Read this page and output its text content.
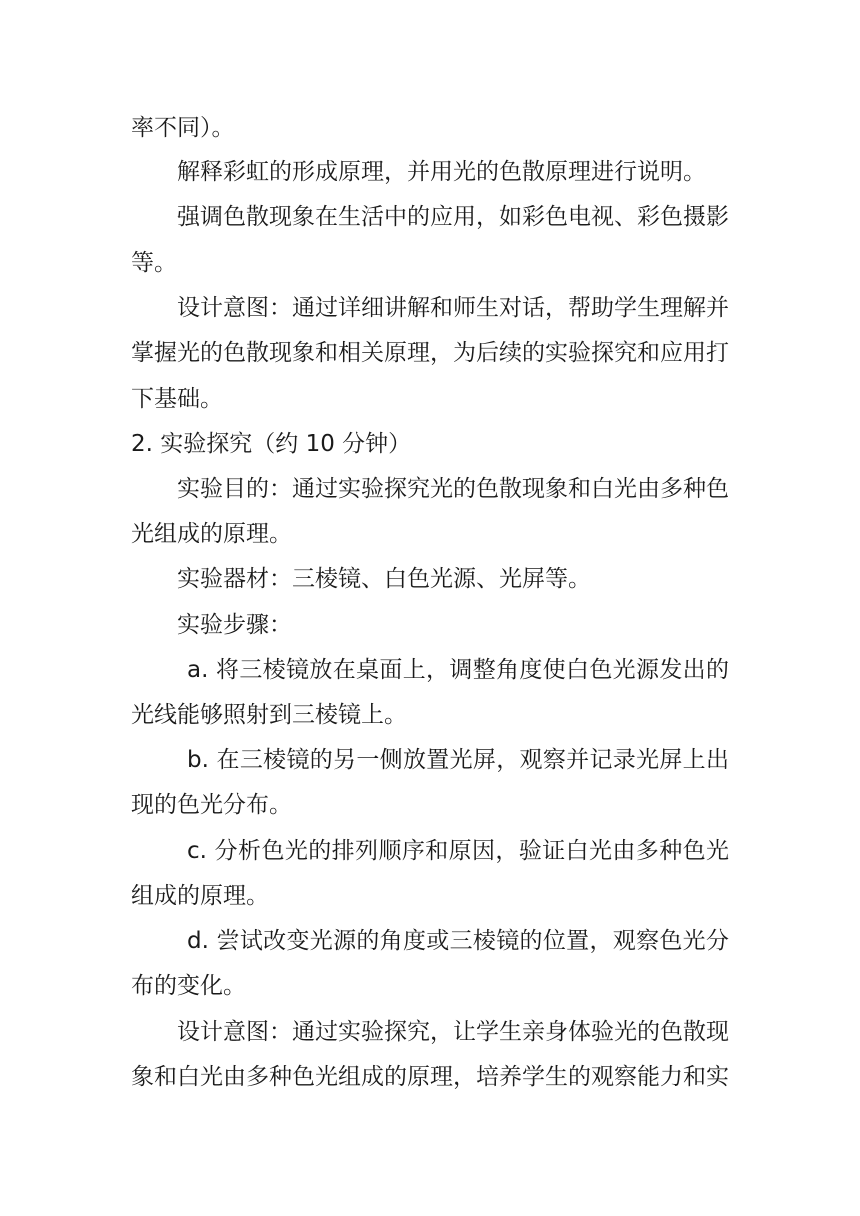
率不同）。

解释彩虹的形成原理，并用光的色散原理进行说明。

强调色散现象在生活中的应用，如彩色电视、彩色摄影

等。

设计意图：通过详细讲解和师生对话，帮助学生理解并

掌握光的色散现象和相关原理，为后续的实验探究和应用打

下基础。

2. 实验探究（约 10 分钟）

实验目的：通过实验探究光的色散现象和白光由多种色

光组成的原理。

实验器材：三棱镜、白色光源、光屏等。

实验步骤：

a. 将三棱镜放在桌面上，调整角度使白色光源发出的

光线能够照射到三棱镜上。

b. 在三棱镜的另一侧放置光屏，观察并记录光屏上出

现的色光分布。

c. 分析色光的排列顺序和原因，验证白光由多种色光

组成的原理。

d. 尝试改变光源的角度或三棱镜的位置，观察色光分

布的变化。

设计意图：通过实验探究，让学生亲身体验光的色散现

象和白光由多种色光组成的原理，培养学生的观察能力和实
